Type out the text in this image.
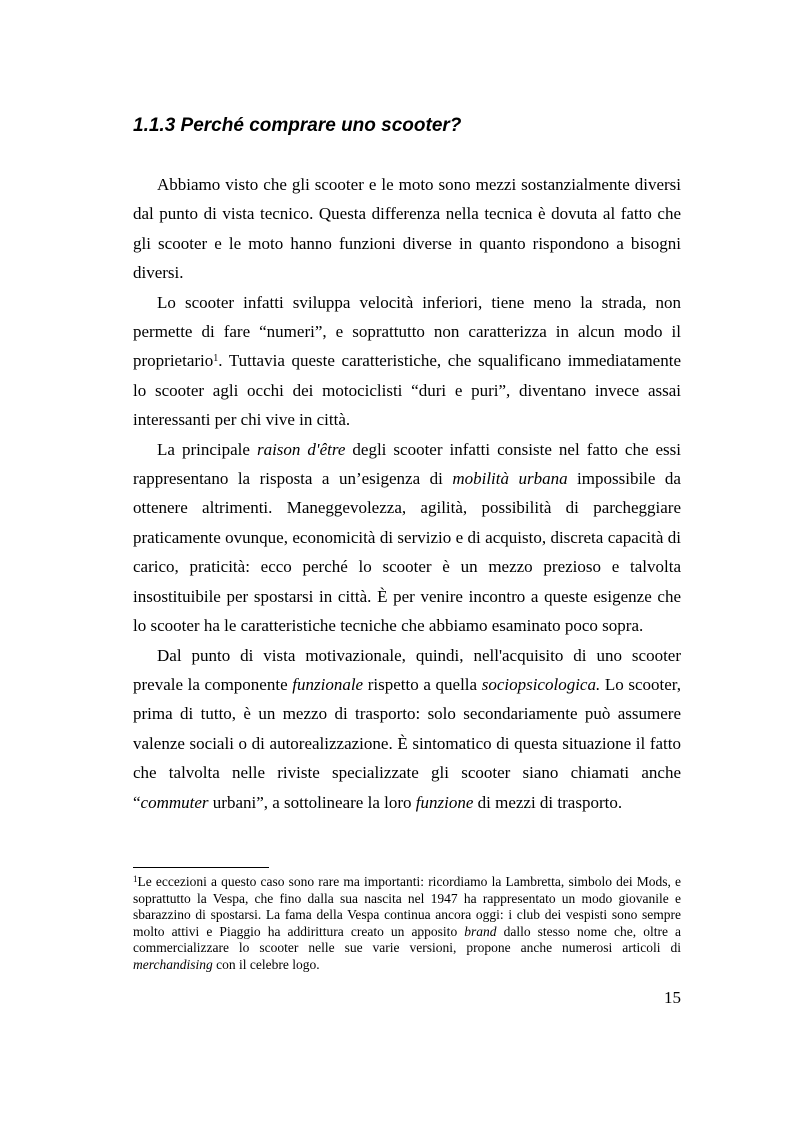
1.1.3 Perché comprare uno scooter?

Abbiamo visto che gli scooter e le moto sono mezzi sostanzialmente diversi dal punto di vista tecnico. Questa differenza nella tecnica è dovuta al fatto che gli scooter e le moto hanno funzioni diverse in quanto rispondono a bisogni diversi.

Lo scooter infatti sviluppa velocità inferiori, tiene meno la strada, non permette di fare “numeri”, e soprattutto non caratterizza in alcun modo il proprietario$^1$. Tuttavia queste caratteristiche, che squalificano immediatamente lo scooter agli occhi dei motociclisti “duri e puri”, diventano invece assai interessanti per chi vive in città.

La principale raison d'être degli scooter infatti consiste nel fatto che essi rappresentano la risposta a un’esigenza di mobilità urbana impossibile da ottenere altrimenti. Maneggevolezza, agilità, possibilità di parcheggiare praticamente ovunque, economicità di servizio e di acquisto, discreta capacità di carico, praticità: ecco perché lo scooter è un mezzo prezioso e talvolta insostituibile per spostarsi in città. È per venire incontro a queste esigenze che lo scooter ha le caratteristiche tecniche che abbiamo esaminato poco sopra.

Dal punto di vista motivazionale, quindi, nell'acquisito di uno scooter prevale la componente funzionale rispetto a quella sociopsicologica. Lo scooter, prima di tutto, è un mezzo di trasporto: solo secondariamente può assumere valenze sociali o di autorealizzazione. È sintomatico di questa situazione il fatto che talvolta nelle riviste specializzate gli scooter siano chiamati anche “commuter urbani”, a sottolineare la loro funzione di mezzi di trasporto.

$^1$Le eccezioni a questo caso sono rare ma importanti: ricordiamo la Lambretta, simbolo dei Mods, e soprattutto la Vespa, che fino dalla sua nascita nel 1947 ha rappresentato un modo giovanile e sbarazzino di spostarsi. La fama della Vespa continua ancora oggi: i club dei vespisti sono sempre molto attivi e Piaggio ha addirittura creato un apposito brand dallo stesso nome che, oltre a commercializzare lo scooter nelle sue varie versioni, propone anche numerosi articoli di merchandising con il celebre logo.
15
